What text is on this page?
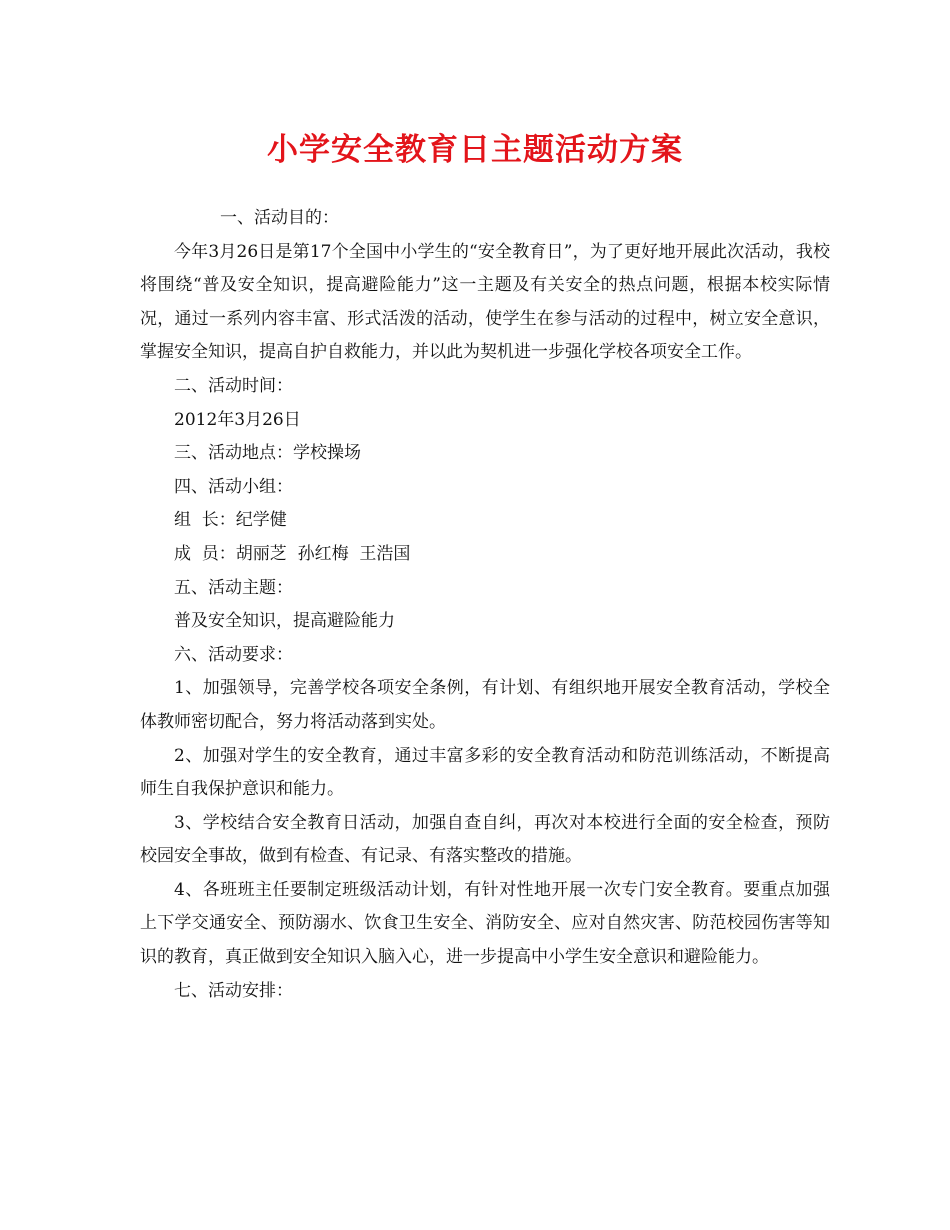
小学安全教育日主题活动方案

一、活动目的：

今年3月26日是第17个全国中小学生的“安全教育日”，为了更好地开展此次活动，我校将围绕“普及安全知识，提高避险能力”这一主题及有关安全的热点问题，根据本校实际情况，通过一系列内容丰富、形式活泼的活动，使学生在参与活动的过程中，树立安全意识，掌握安全知识，提高自护自救能力，并以此为契机进一步强化学校各项安全工作。

二、活动时间：

2012年3月26日

三、活动地点：学校操场

四、活动小组：

组  长：纪学健

成  员：胡丽芝  孙红梅  王浩国

五、活动主题：

普及安全知识，提高避险能力

六、活动要求：

1、加强领导，完善学校各项安全条例，有计划、有组织地开展安全教育活动，学校全体教师密切配合，努力将活动落到实处。

2、加强对学生的安全教育，通过丰富多彩的安全教育活动和防范训练活动，不断提高师生自我保护意识和能力。

3、学校结合安全教育日活动，加强自查自纠，再次对本校进行全面的安全检查，预防校园安全事故，做到有检查、有记录、有落实整改的措施。

4、各班班主任要制定班级活动计划，有针对性地开展一次专门安全教育。要重点加强上下学交通安全、预防溺水、饮食卫生安全、消防安全、应对自然灾害、防范校园伤害等知识的教育，真正做到安全知识入脑入心，进一步提高中小学生安全意识和避险能力。

七、活动安排：
